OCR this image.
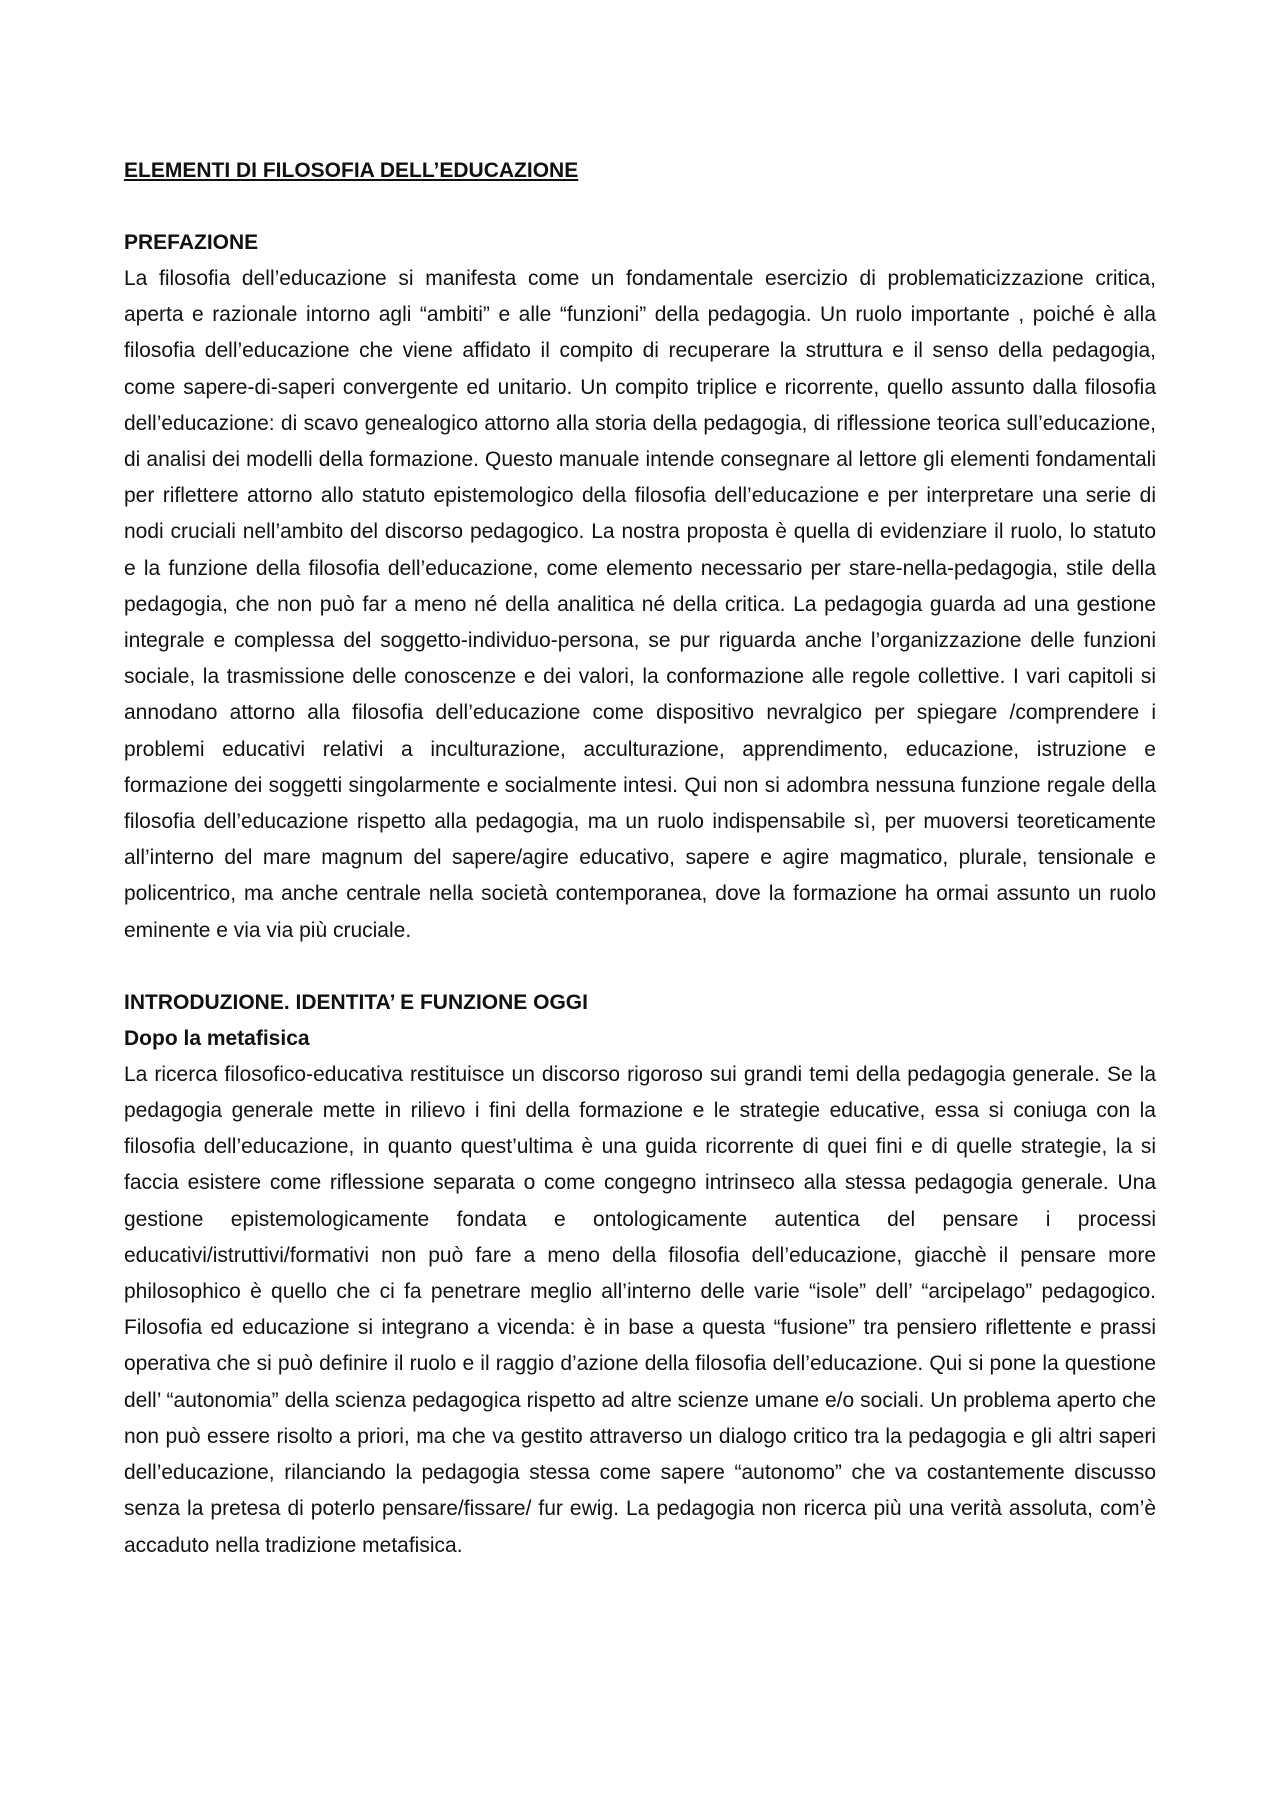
ELEMENTI DI FILOSOFIA DELL’EDUCAZIONE
PREFAZIONE

La filosofia dell’educazione si manifesta come un fondamentale esercizio di problematicizzazione critica, aperta e razionale intorno agli “ambiti” e alle “funzioni” della pedagogia. Un ruolo importante , poiché è alla filosofia dell’educazione che viene affidato il compito di recuperare la struttura e il senso della pedagogia, come sapere-di-saperi convergente ed unitario. Un compito triplice e ricorrente, quello assunto dalla filosofia dell’educazione: di scavo genealogico attorno alla storia della pedagogia, di riflessione teorica sull’educazione, di analisi dei modelli della formazione. Questo manuale intende consegnare al lettore gli elementi fondamentali per riflettere attorno allo statuto epistemologico della filosofia dell’educazione e per interpretare una serie di nodi cruciali nell’ambito del discorso pedagogico. La nostra proposta è quella di evidenziare il ruolo, lo statuto e la funzione della filosofia dell’educazione, come elemento necessario per stare-nella-pedagogia, stile della pedagogia, che non può far a meno né della analitica né della critica. La pedagogia guarda ad una gestione integrale e complessa del soggetto-individuo-persona, se pur riguarda anche l’organizzazione delle funzioni sociale, la trasmissione delle conoscenze e dei valori, la conformazione alle regole collettive. I vari capitoli si annodano attorno alla filosofia dell’educazione come dispositivo nevralgico per spiegare /comprendere i problemi educativi relativi a inculturazione, acculturazione, apprendimento, educazione, istruzione e formazione dei soggetti singolarmente e socialmente intesi. Qui non si adombra nessuna funzione regale della filosofia dell’educazione rispetto alla pedagogia, ma un ruolo indispensabile sì, per muoversi teoreticamente all’interno del mare magnum del sapere/agire educativo, sapere e agire magmatico, plurale, tensionale e policentrico, ma anche centrale nella società contemporanea, dove la formazione ha ormai assunto un ruolo eminente e via via più cruciale.

INTRODUZIONE. IDENTITA’ E FUNZIONE OGGI
Dopo la metafisica

La ricerca filosofico-educativa restituisce un discorso rigoroso sui grandi temi della pedagogia generale. Se la pedagogia generale mette in rilievo i fini della formazione e le strategie educative, essa si coniuga con la filosofia dell’educazione, in quanto quest’ultima è una guida ricorrente di quei fini e di quelle strategie, la si faccia esistere come riflessione separata o come congegno intrinseco alla stessa pedagogia generale. Una gestione epistemologicamente fondata e ontologicamente autentica del pensare i processi educativi/istruttivi/formativi non può fare a meno della filosofia dell’educazione, giacchè il pensare more philosophico è quello che ci fa penetrare meglio all’interno delle varie “isole” dell’ “arcipelago” pedagogico. Filosofia ed educazione si integrano a vicenda: è in base a questa “fusione” tra pensiero riflettente e prassi operativa che si può definire il ruolo e il raggio d’azione della filosofia dell’educazione. Qui si pone la questione dell’ “autonomia” della scienza pedagogica rispetto ad altre scienze umane e/o sociali. Un problema aperto che non può essere risolto a priori, ma che va gestito attraverso un dialogo critico tra la pedagogia e gli altri saperi dell’educazione, rilanciando la pedagogia stessa come sapere “autonomo” che va costantemente discusso senza la pretesa di poterlo pensare/fissare/ fur ewig. La pedagogia non ricerca più una verità assoluta, com’è accaduto nella tradizione metafisica.
